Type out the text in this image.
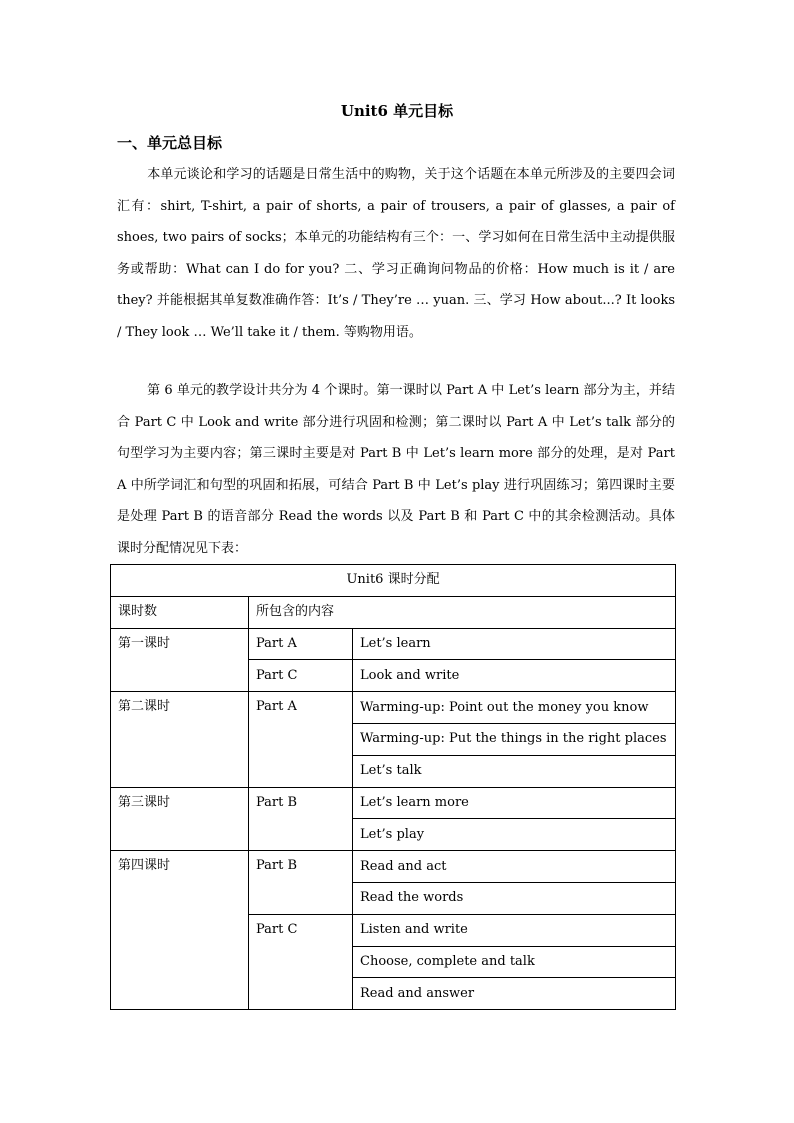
Unit6 单元目标
一、单元总目标

本单元谈论和学习的话题是日常生活中的购物，关于这个话题在本单元所涉及的主要四会词汇有：shirt, T-shirt, a pair of shorts, a pair of trousers, a pair of glasses, a pair of shoes, two pairs of socks；本单元的功能结构有三个：一、学习如何在日常生活中主动提供服务或帮助：What can I do for you? 二、学习正确询问物品的价格：How much is it / are they? 并能根据其单复数准确作答：It’s / They’re … yuan. 三、学习 How about...? It looks / They look … We’ll take it / them. 等购物用语。

第 6 单元的教学设计共分为 4 个课时。第一课时以 Part A 中 Let’s learn 部分为主，并结合 Part C 中 Look and write 部分进行巩固和检测；第二课时以 Part A 中 Let’s talk 部分的句型学习为主要内容；第三课时主要是对 Part B 中 Let’s learn more 部分的处理，是对 Part A 中所学词汇和句型的巩固和拓展，可结合 Part B 中 Let’s play 进行巩固练习；第四课时主要是处理 Part B 的语音部分 Read the words 以及 Part B 和 Part C 中的其余检测活动。具体课时分配情况见下表：

Unit6 课时分配		
课时数	所包含的内容	
第一课时	Part A	Let’s learn
	Part C	Look and write
第二课时	Part A	Warming-up: Point out the money you know
		Warming-up: Put the things in the right places
		Let’s talk
第三课时	Part B	Let’s learn more
		Let’s play
第四课时	Part B	Read and act
		Read the words
	Part C	Listen and write
		Choose, complete and talk
		Read and answer
